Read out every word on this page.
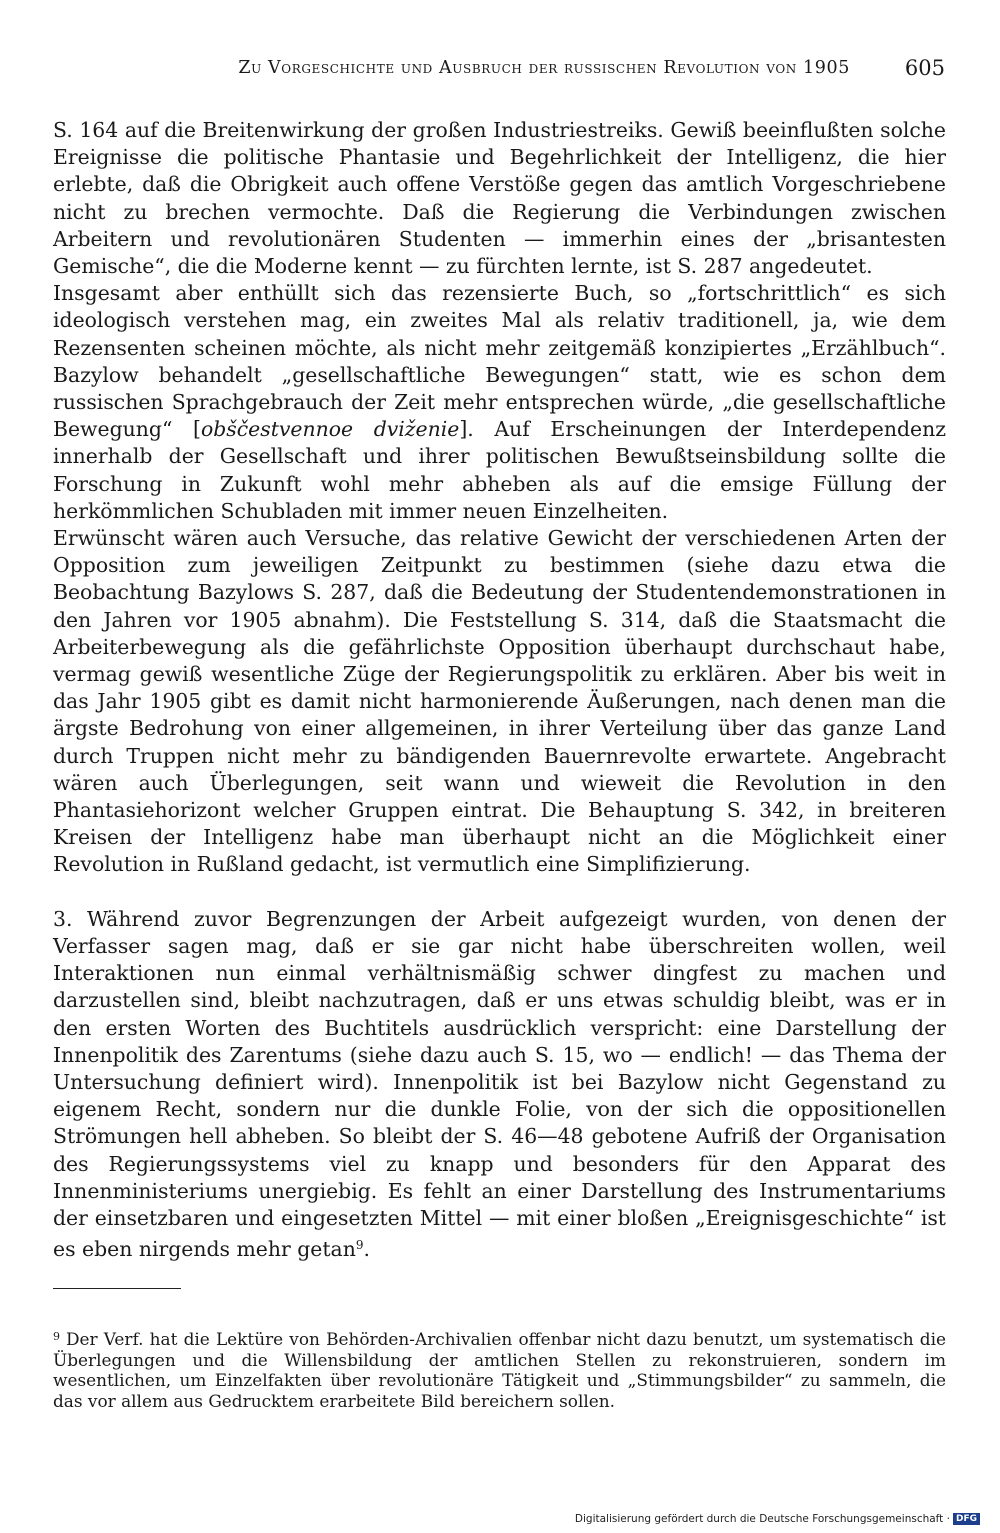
Zu Vorgeschichte und Ausbruch der russischen Revolution von 1905	605

S. 164 auf die Breitenwirkung der großen Industriestreiks. Gewiß beeinflußten solche Ereignisse die politische Phantasie und Begehrlichkeit der Intelligenz, die hier erlebte, daß die Obrigkeit auch offene Verstöße gegen das amtlich Vorgeschriebene nicht zu brechen vermochte. Daß die Regierung die Verbindungen zwischen Arbeitern und revolutionären Studenten — immerhin eines der „brisantesten Gemische“, die die Moderne kennt — zu fürchten lernte, ist S. 287 angedeutet.

Insgesamt aber enthüllt sich das rezensierte Buch, so „fortschrittlich“ es sich ideologisch verstehen mag, ein zweites Mal als relativ traditionell, ja, wie dem Rezensenten scheinen möchte, als nicht mehr zeitgemäß konzipiertes „Erzählbuch“. Bazylow behandelt „gesellschaftliche Bewegungen“ statt, wie es schon dem russischen Sprachgebrauch der Zeit mehr entsprechen würde, „die gesellschaftliche Bewegung“ [obščestvennoe dviženie]. Auf Erscheinungen der Interdependenz innerhalb der Gesellschaft und ihrer politischen Bewußtseinsbildung sollte die Forschung in Zukunft wohl mehr abheben als auf die emsige Füllung der herkömmlichen Schubladen mit immer neuen Einzelheiten.

Erwünscht wären auch Versuche, das relative Gewicht der verschiedenen Arten der Opposition zum jeweiligen Zeitpunkt zu bestimmen (siehe dazu etwa die Beobachtung Bazylows S. 287, daß die Bedeutung der Studentendemonstrationen in den Jahren vor 1905 abnahm). Die Feststellung S. 314, daß die Staatsmacht die Arbeiterbewegung als die gefährlichste Opposition überhaupt durchschaut habe, vermag gewiß wesentliche Züge der Regierungspolitik zu erklären. Aber bis weit in das Jahr 1905 gibt es damit nicht harmonierende Äußerungen, nach denen man die ärgste Bedrohung von einer allgemeinen, in ihrer Verteilung über das ganze Land durch Truppen nicht mehr zu bändigenden Bauernrevolte erwartete. Angebracht wären auch Überlegungen, seit wann und wieweit die Revolution in den Phantasiehorizont welcher Gruppen eintrat. Die Behauptung S. 342, in breiteren Kreisen der Intelligenz habe man überhaupt nicht an die Möglichkeit einer Revolution in Rußland gedacht, ist vermutlich eine Simplifizierung.

3. Während zuvor Begrenzungen der Arbeit aufgezeigt wurden, von denen der Verfasser sagen mag, daß er sie gar nicht habe überschreiten wollen, weil Interaktionen nun einmal verhältnismäßig schwer dingfest zu machen und darzustellen sind, bleibt nachzutragen, daß er uns etwas schuldig bleibt, was er in den ersten Worten des Buchtitels ausdrücklich verspricht: eine Darstellung der Innenpolitik des Zarentums (siehe dazu auch S. 15, wo — endlich! — das Thema der Untersuchung definiert wird). Innenpolitik ist bei Bazylow nicht Gegenstand zu eigenem Recht, sondern nur die dunkle Folie, von der sich die oppositionellen Strömungen hell abheben. So bleibt der S. 46—48 gebotene Aufriß der Organisation des Regierungssystems viel zu knapp und besonders für den Apparat des Innenministeriums unergiebig. Es fehlt an einer Darstellung des Instrumentariums der einsetzbaren und eingesetzten Mittel — mit einer bloßen „Ereignisgeschichte“ ist es eben nirgends mehr getan$^9$.

$^9$ Der Verf. hat die Lektüre von Behörden-Archivalien offenbar nicht dazu benutzt, um systematisch die Überlegungen und die Willensbildung der amtlichen Stellen zu rekonstruieren, sondern im wesentlichen, um Einzelfakten über revolutionäre Tätigkeit und „Stimmungsbilder“ zu sammeln, die das vor allem aus Gedrucktem erarbeitete Bild bereichern sollen.
Digitalisierung gefördert durch die Deutsche Forschungsgemeinschaft · DFG
